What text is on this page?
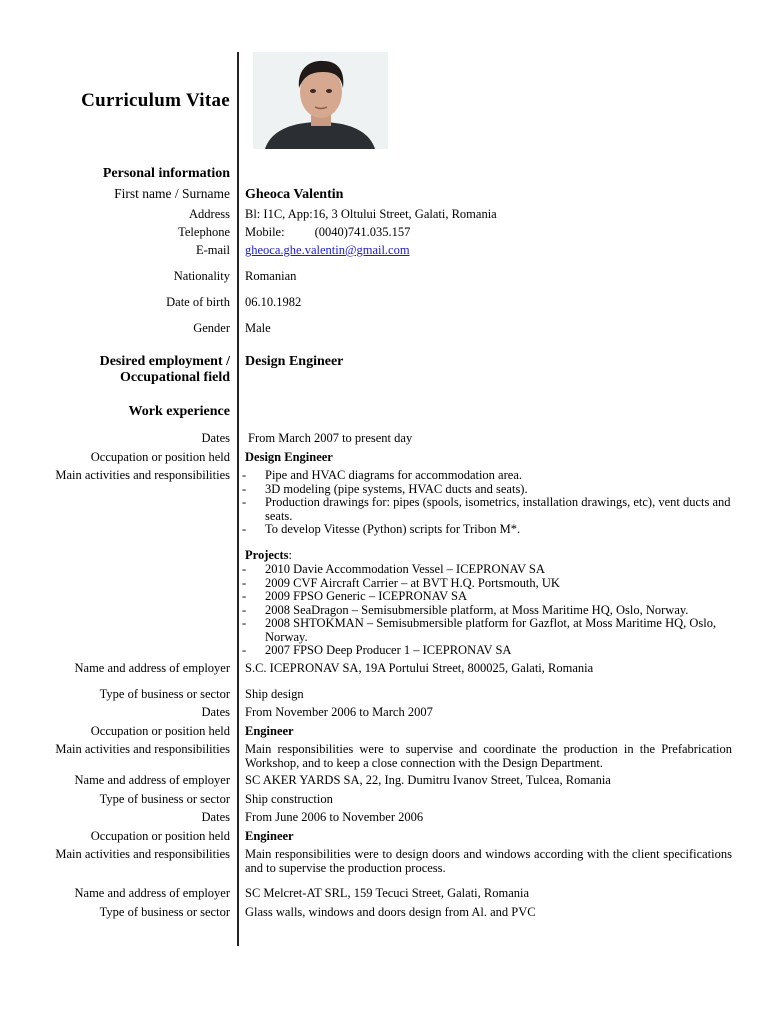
Curriculum Vitae
Personal information
First name / Surname Gheoca Valentin
Address Bl: I1C, App:16, 3 Oltului Street, Galati, Romania
Telephone Mobile: (0040)741.035.157
E-mail gheoca.ghe.valentin@gmail.com
Nationality Romanian
Date of birth 06.10.1982
Gender Male
Desired employment /
Occupational field
Design Engineer
Work experience
Dates From March 2007 to present day
Occupation or position held Design Engineer
Main activities and responsibilities - Pipe and HVAC diagrams for accommodation area.
- 3D modeling (pipe systems, HVAC ducts and seats).
- Production drawings for: pipes (spools, isometrics, installation drawings, etc), vent ducts and seats.
- To develop Vitesse (Python) scripts for Tribon M*.
Projects:
- 2010 Davie Accommodation Vessel – ICEPRONAV SA
- 2009 CVF Aircraft Carrier – at BVT H.Q. Portsmouth, UK
- 2009 FPSO Generic – ICEPRONAV SA
- 2008 SeaDragon – Semisubmersible platform, at Moss Maritime HQ, Oslo, Norway.
- 2008 SHTOKMAN – Semisubmersible platform for Gazflot, at Moss Maritime HQ, Oslo, Norway.
- 2007 FPSO Deep Producer 1 – ICEPRONAV SA
Name and address of employer S.C. ICEPRONAV SA, 19A Portului Street, 800025, Galati, Romania
Type of business or sector Ship design
Dates From November 2006 to March 2007
Occupation or position held Engineer
Main activities and responsibilities Main responsibilities were to supervise and coordinate the production in the Prefabrication Workshop, and to keep a close connection with the Design Department.
Name and address of employer SC AKER YARDS SA, 22, Ing. Dumitru Ivanov Street, Tulcea, Romania
Type of business or sector Ship construction
Dates From June 2006 to November 2006
Occupation or position held Engineer
Main activities and responsibilities Main responsibilities were to design doors and windows according with the client specifications and to supervise the production process.
Name and address of employer SC Melcret-AT SRL, 159 Tecuci Street, Galati, Romania
Type of business or sector Glass walls, windows and doors design from Al. and PVC
